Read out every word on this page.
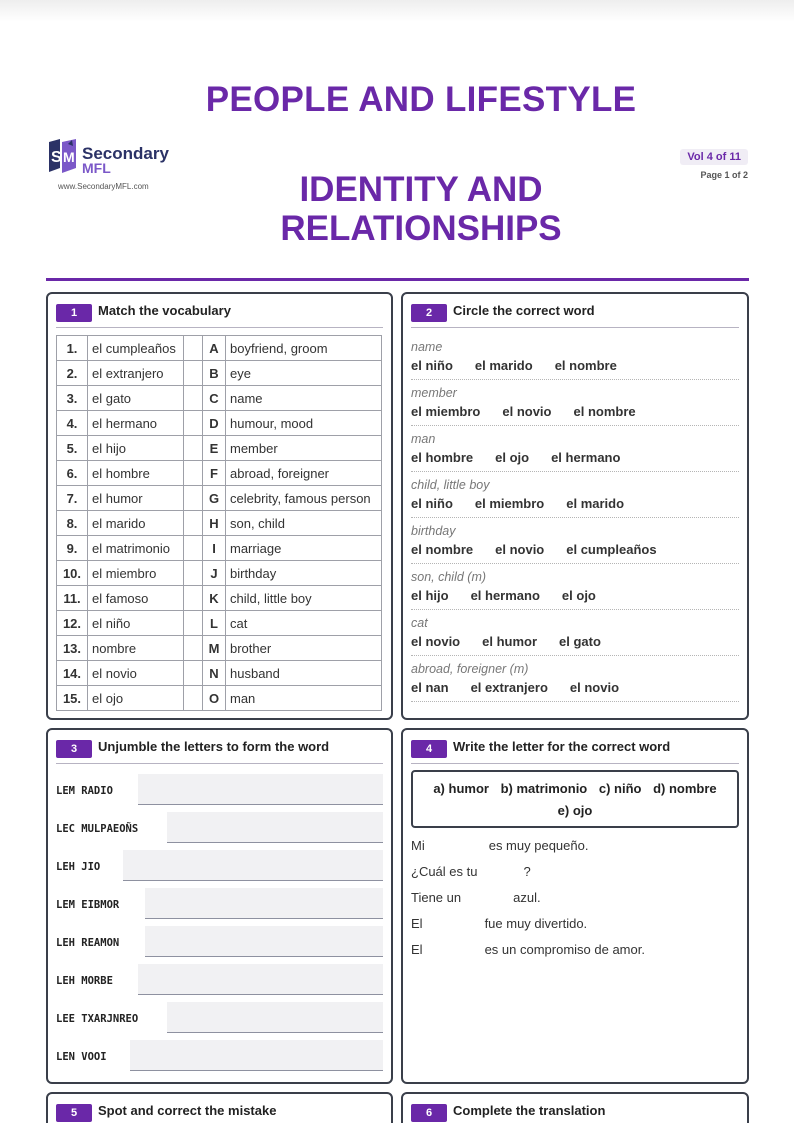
PEOPLE AND LIFESTYLE
IDENTITY AND
RELATIONSHIPS
S M Secondary
MFL
www.SecondaryMFL.com
Vol 4 of 11
Page 1 of 2
1	Match the vocabulary
1.	el cumpleaños		A	boyfriend, groom
2.	el extranjero		B	eye
3.	el gato		C	name
4.	el hermano		D	humour, mood
5.	el hijo		E	member
6.	el hombre		F	abroad, foreigner
7.	el humor		G	celebrity, famous person
8.	el marido		H	son, child
9.	el matrimonio		I	marriage
10.	el miembro		J	birthday
11.	el famoso		K	child, little boy
12.	el niño		L	cat
13.	nombre		M	brother
14.	el novio		N	husband
15.	el ojo		O	man
2	Circle the correct word
name
el niño el marido el nombre
member
el miembro el novio el nombre
man
el hombre el ojo el hermano
child, little boy
el niño el miembro el marido
birthday
el nombre el novio el cumpleaños
son, child (m)
el hijo el hermano el ojo
cat
el novio el humor el gato
abroad, foreigner (m)
el nan el extranjero el novio
3	Unjumble the letters to form the word
LEM RADIO
LEC MULPAEOÑS
LEH JIO
LEM EIBMOR
LEH REAMON
LEH MORBE
LEE TXARJNREO
LEN VOOI
4	Write the letter for the correct word
a) humor b) matrimonio c) niño d) nombre
e) ojo
Mi	es muy pequeño.
¿Cuál es tu	?
Tiene un	azul.
El	fue muy divertido.
El	es un compromiso de amor.
5	Spot and correct the mistake	6	Complete the translation
